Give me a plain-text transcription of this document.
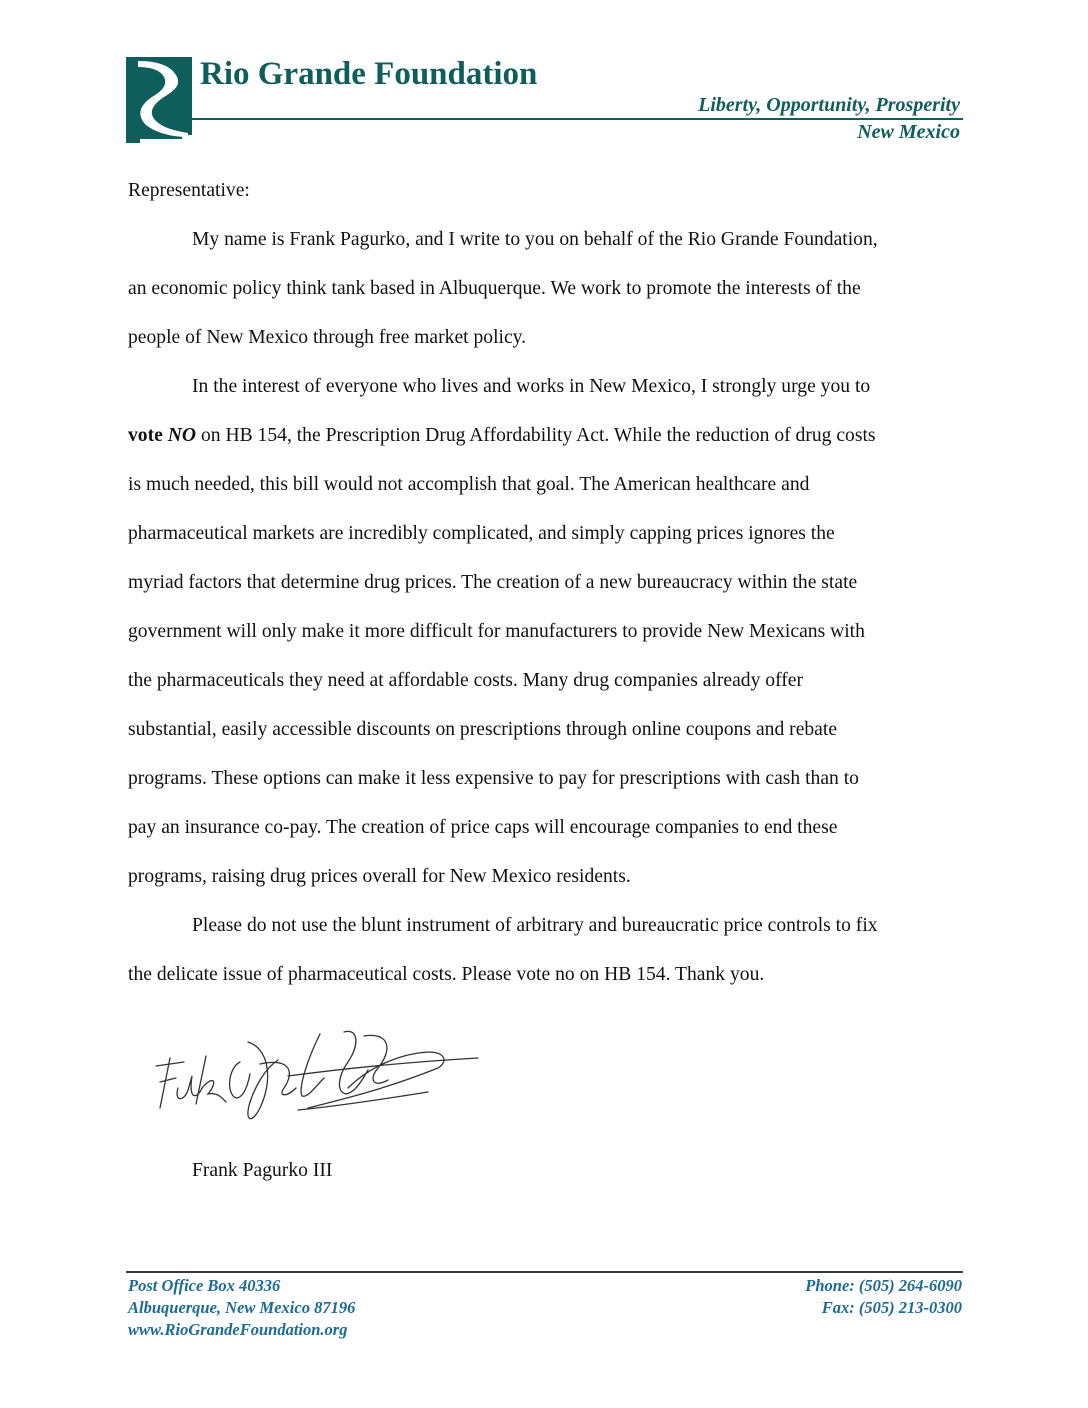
Rio Grande Foundation
Liberty, Opportunity, Prosperity
New Mexico
Representative:

My name is Frank Pagurko, and I write to you on behalf of the Rio Grande Foundation,
an economic policy think tank based in Albuquerque. We work to promote the interests of the
people of New Mexico through free market policy.

In the interest of everyone who lives and works in New Mexico, I strongly urge you to
vote NO on HB 154, the Prescription Drug Affordability Act. While the reduction of drug costs
is much needed, this bill would not accomplish that goal. The American healthcare and
pharmaceutical markets are incredibly complicated, and simply capping prices ignores the
myriad factors that determine drug prices. The creation of a new bureaucracy within the state
government will only make it more difficult for manufacturers to provide New Mexicans with
the pharmaceuticals they need at affordable costs. Many drug companies already offer
substantial, easily accessible discounts on prescriptions through online coupons and rebate
programs. These options can make it less expensive to pay for prescriptions with cash than to
pay an insurance co-pay. The creation of price caps will encourage companies to end these
programs, raising drug prices overall for New Mexico residents.

Please do not use the blunt instrument of arbitrary and bureaucratic price controls to fix
the delicate issue of pharmaceutical costs. Please vote no on HB 154. Thank you.

Frank Pagurko III
Post Office Box 40336
Albuquerque, New Mexico 87196
www.RioGrandeFoundation.org
Phone: (505) 264-6090
Fax: (505) 213-0300
